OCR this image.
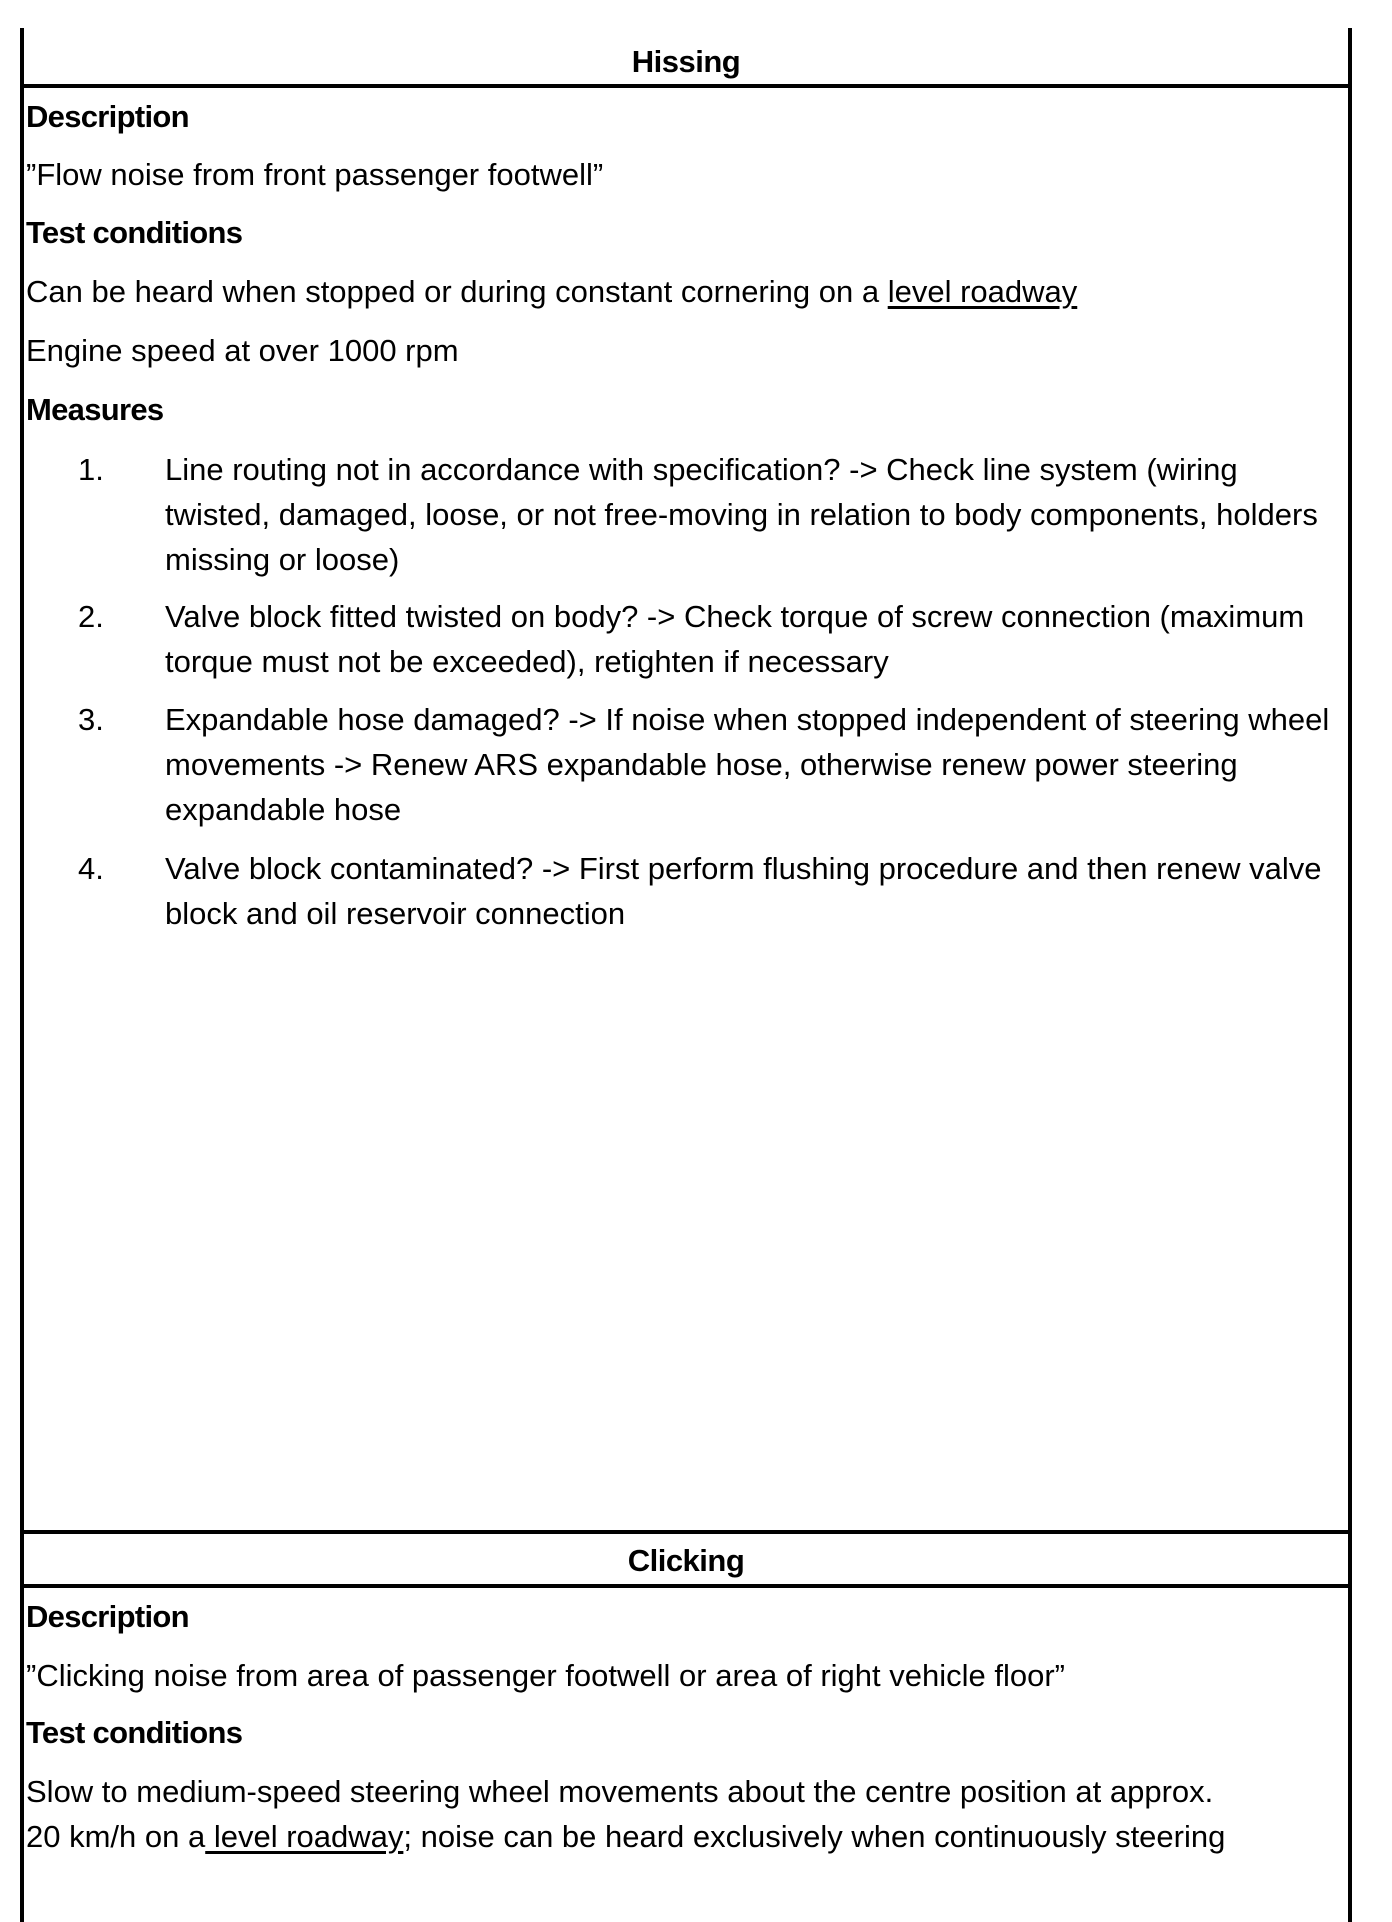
Hissing
Description
”Flow noise from front passenger footwell”
Test conditions
Can be heard when stopped or during constant cornering on a level roadway
Engine speed at over 1000 rpm
Measures
1. Line routing not in accordance with specification? -> Check line system (wiring twisted, damaged, loose, or not free-moving in relation to body components, holders missing or loose)
2. Valve block fitted twisted on body? -> Check torque of screw connection (maximum torque must not be exceeded), retighten if necessary
3. Expandable hose damaged? -> If noise when stopped independent of steering wheel movements -> Renew ARS expandable hose, otherwise renew power steering expandable hose
4. Valve block contaminated? -> First perform flushing procedure and then renew valve block and oil reservoir connection
Clicking
Description
”Clicking noise from area of passenger footwell or area of right vehicle floor”
Test conditions
Slow to medium-speed steering wheel movements about the centre position at approx.
20 km/h on a level roadway; noise can be heard exclusively when continuously steering
